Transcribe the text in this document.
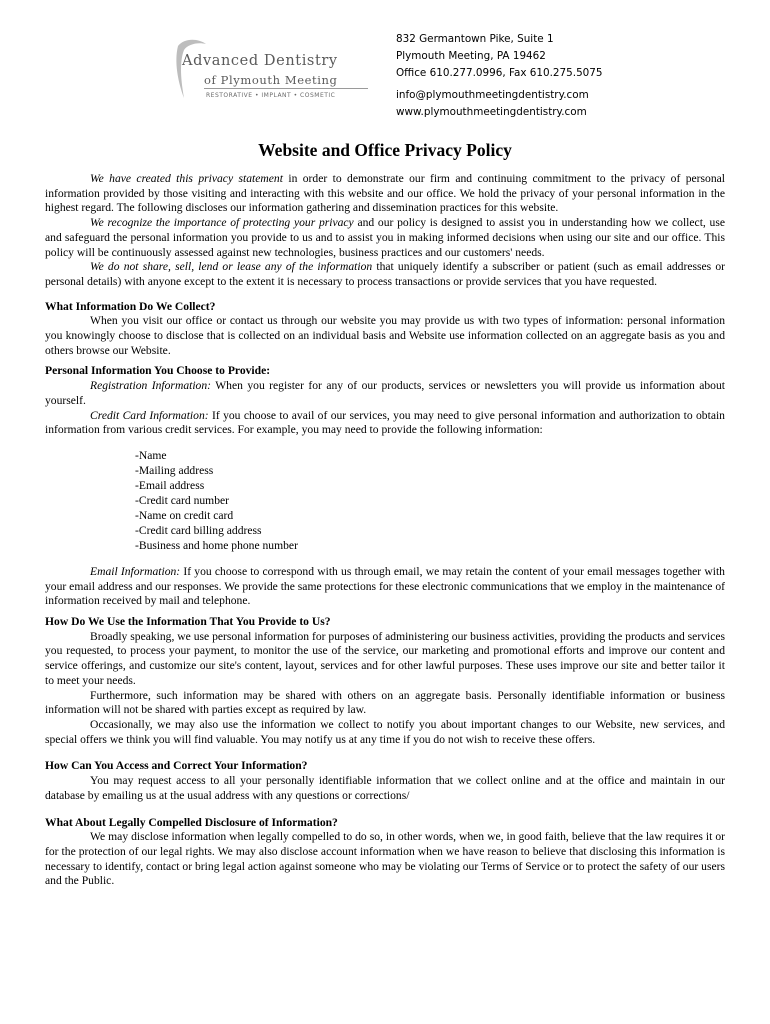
Advanced Dentistry
of Plymouth Meeting
RESTORATIVE • IMPLANT • COSMETIC
832 Germantown Pike, Suite 1
Plymouth Meeting, PA 19462
Office 610.277.0996, Fax 610.275.5075
info@plymouthmeetingdentistry.com
www.plymouthmeetingdentistry.com
Website and Office Privacy Policy

We have created this privacy statement in order to demonstrate our firm and continuing commitment to the privacy of personal information provided by those visiting and interacting with this website and our office. We hold the privacy of your personal information in the highest regard. The following discloses our information gathering and dissemination practices for this website.

We recognize the importance of protecting your privacy and our policy is designed to assist you in understanding how we collect, use and safeguard the personal information you provide to us and to assist you in making informed decisions when using our site and our office. This policy will be continuously assessed against new technologies, business practices and our customers' needs.

We do not share, sell, lend or lease any of the information that uniquely identify a subscriber or patient (such as email addresses or personal details) with anyone except to the extent it is necessary to process transactions or provide services that you have requested.

What Information Do We Collect?

When you visit our office or contact us through our website you may provide us with two types of information: personal information you knowingly choose to disclose that is collected on an individual basis and Website use information collected on an aggregate basis as you and others browse our Website.

Personal Information You Choose to Provide:

Registration Information: When you register for any of our products, services or newsletters you will provide us information about yourself.

Credit Card Information: If you choose to avail of our services, you may need to give personal information and authorization to obtain information from various credit services. For example, you may need to provide the following information:

-Name
-Mailing address
-Email address
-Credit card number
-Name on credit card
-Credit card billing address
-Business and home phone number

Email Information: If you choose to correspond with us through email, we may retain the content of your email messages together with your email address and our responses. We provide the same protections for these electronic communications that we employ in the maintenance of information received by mail and telephone.

How Do We Use the Information That You Provide to Us?

Broadly speaking, we use personal information for purposes of administering our business activities, providing the products and services you requested, to process your payment, to monitor the use of the service, our marketing and promotional efforts and improve our content and service offerings, and customize our site's content, layout, services and for other lawful purposes. These uses improve our site and better tailor it to meet your needs.

Furthermore, such information may be shared with others on an aggregate basis. Personally identifiable information or business information will not be shared with parties except as required by law.

Occasionally, we may also use the information we collect to notify you about important changes to our Website, new services, and special offers we think you will find valuable. You may notify us at any time if you do not wish to receive these offers.

How Can You Access and Correct Your Information?

You may request access to all your personally identifiable information that we collect online and at the office and maintain in our database by emailing us at the usual address with any questions or corrections/

What About Legally Compelled Disclosure of Information?

We may disclose information when legally compelled to do so, in other words, when we, in good faith, believe that the law requires it or for the protection of our legal rights. We may also disclose account information when we have reason to believe that disclosing this information is necessary to identify, contact or bring legal action against someone who may be violating our Terms of Service or to protect the safety of our users and the Public.
